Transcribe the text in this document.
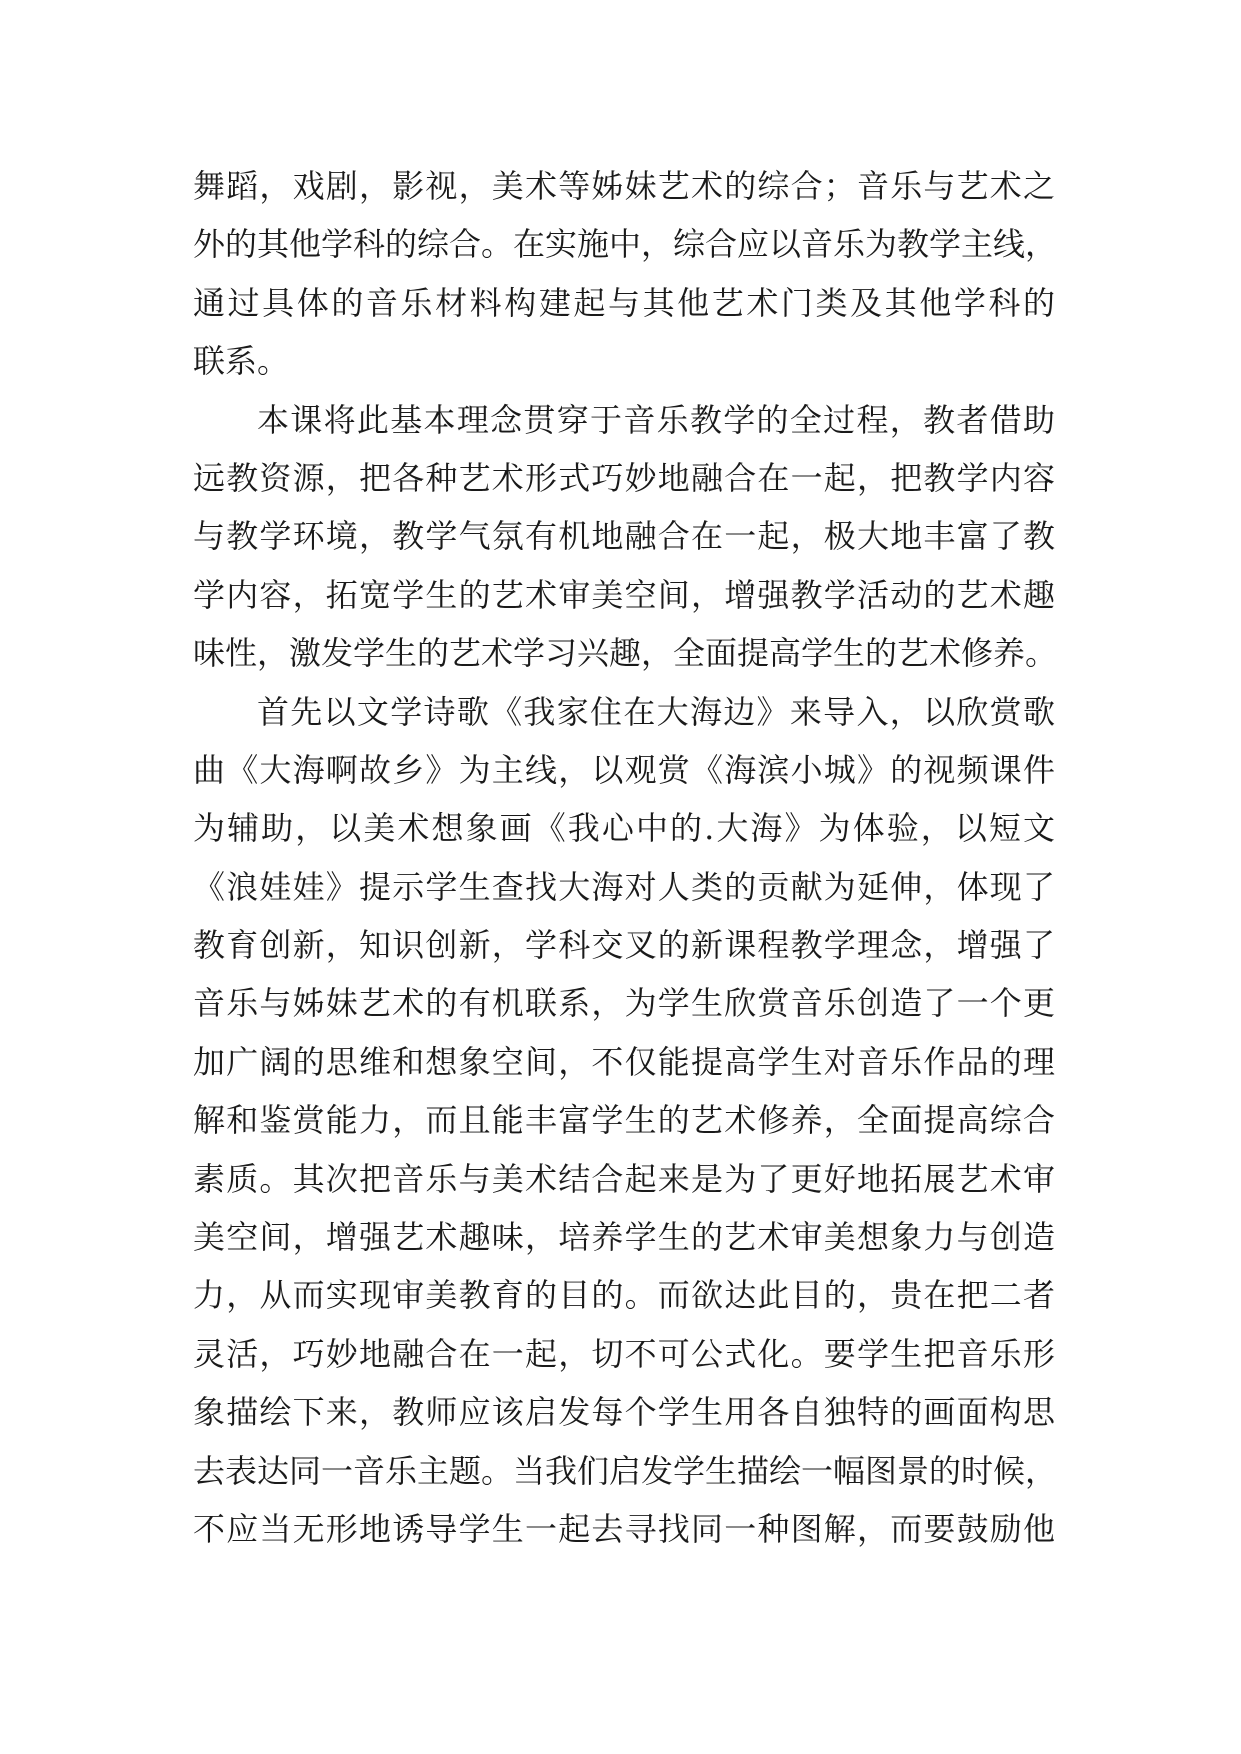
舞蹈，戏剧，影视，美术等姊妹艺术的综合；音乐与艺术之
外的其他学科的综合。在实施中，综合应以音乐为教学主线，
通过具体的音乐材料构建起与其他艺术门类及其他学科的
联系。
本课将此基本理念贯穿于音乐教学的全过程，教者借助
远教资源，把各种艺术形式巧妙地融合在一起，把教学内容
与教学环境，教学气氛有机地融合在一起，极大地丰富了教
学内容，拓宽学生的艺术审美空间，增强教学活动的艺术趣
味性，激发学生的艺术学习兴趣，全面提高学生的艺术修养。
首先以文学诗歌《我家住在大海边》来导入，以欣赏歌
曲《大海啊故乡》为主线，以观赏《海滨小城》的视频课件
为辅助，以美术想象画《我心中的.大海》为体验，以短文
《浪娃娃》提示学生查找大海对人类的贡献为延伸，体现了
教育创新，知识创新，学科交叉的新课程教学理念，增强了
音乐与姊妹艺术的有机联系，为学生欣赏音乐创造了一个更
加广阔的思维和想象空间，不仅能提高学生对音乐作品的理
解和鉴赏能力，而且能丰富学生的艺术修养，全面提高综合
素质。其次把音乐与美术结合起来是为了更好地拓展艺术审
美空间，增强艺术趣味，培养学生的艺术审美想象力与创造
力，从而实现审美教育的目的。而欲达此目的，贵在把二者
灵活，巧妙地融合在一起，切不可公式化。要学生把音乐形
象描绘下来，教师应该启发每个学生用各自独特的画面构思
去表达同一音乐主题。当我们启发学生描绘一幅图景的时候，
不应当无形地诱导学生一起去寻找同一种图解，而要鼓励他
